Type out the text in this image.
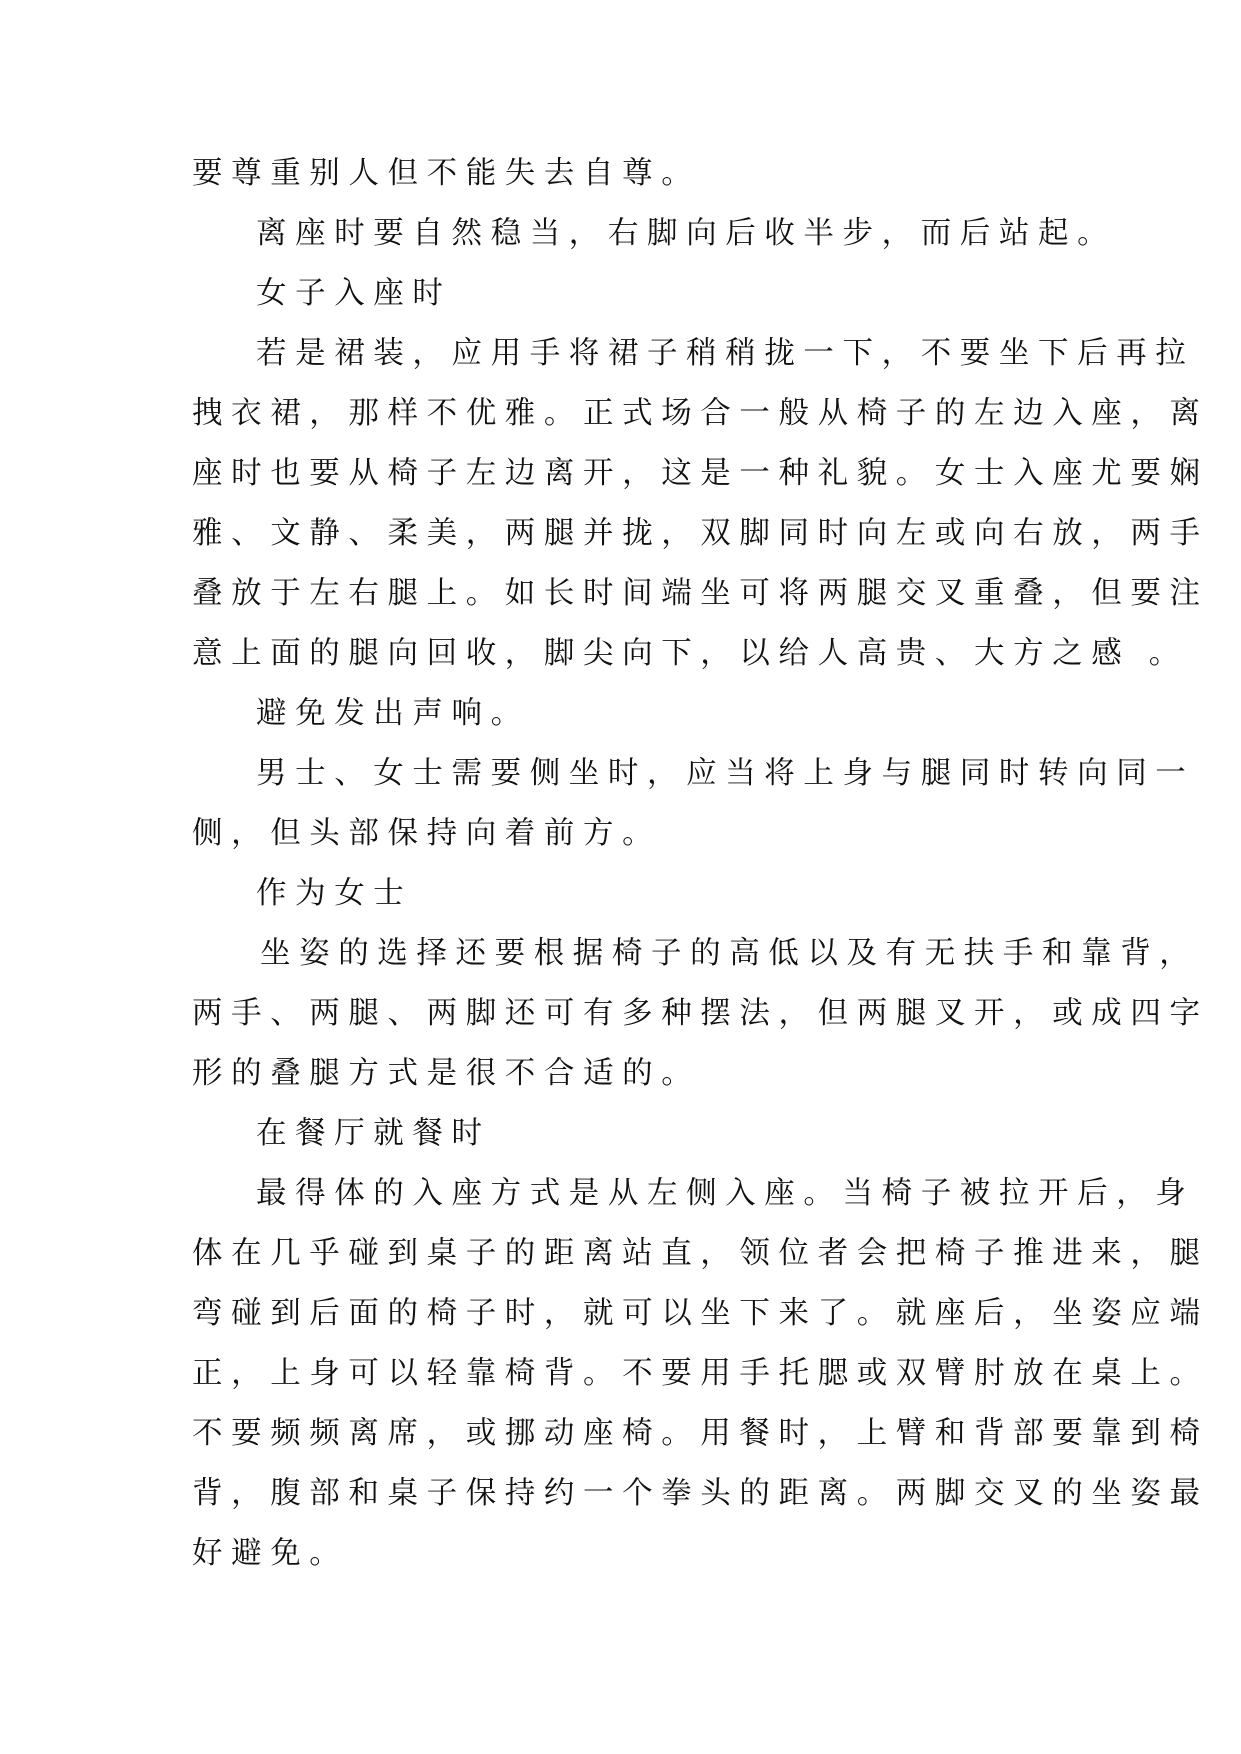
要尊重别人但不能失去自尊。
离座时要自然稳当，右脚向后收半步，而后站起。
女子入座时
若是裙装，应用手将裙子稍稍拢一下，不要坐下后再拉
拽衣裙，那样不优雅。正式场合一般从椅子的左边入座，离
座时也要从椅子左边离开，这是一种礼貌。女士入座尤要娴
雅、文静、柔美，两腿并拢，双脚同时向左或向右放，两手
叠放于左右腿上。如长时间端坐可将两腿交叉重叠，但要注
意上面的腿向回收，脚尖向下，以给人高贵、大方之感 。
避免发出声响。
男士、女士需要侧坐时，应当将上身与腿同时转向同一
侧，但头部保持向着前方。
作为女士
坐姿的选择还要根据椅子的高低以及有无扶手和靠背，
两手、两腿、两脚还可有多种摆法，但两腿叉开，或成四字
形的叠腿方式是很不合适的。
在餐厅就餐时
最得体的入座方式是从左侧入座。当椅子被拉开后，身
体在几乎碰到桌子的距离站直，领位者会把椅子推进来，腿
弯碰到后面的椅子时，就可以坐下来了。就座后，坐姿应端
正，上身可以轻靠椅背。不要用手托腮或双臂肘放在桌上。
不要频频离席，或挪动座椅。用餐时，上臂和背部要靠到椅
背，腹部和桌子保持约一个拳头的距离。两脚交叉的坐姿最
好避免。
